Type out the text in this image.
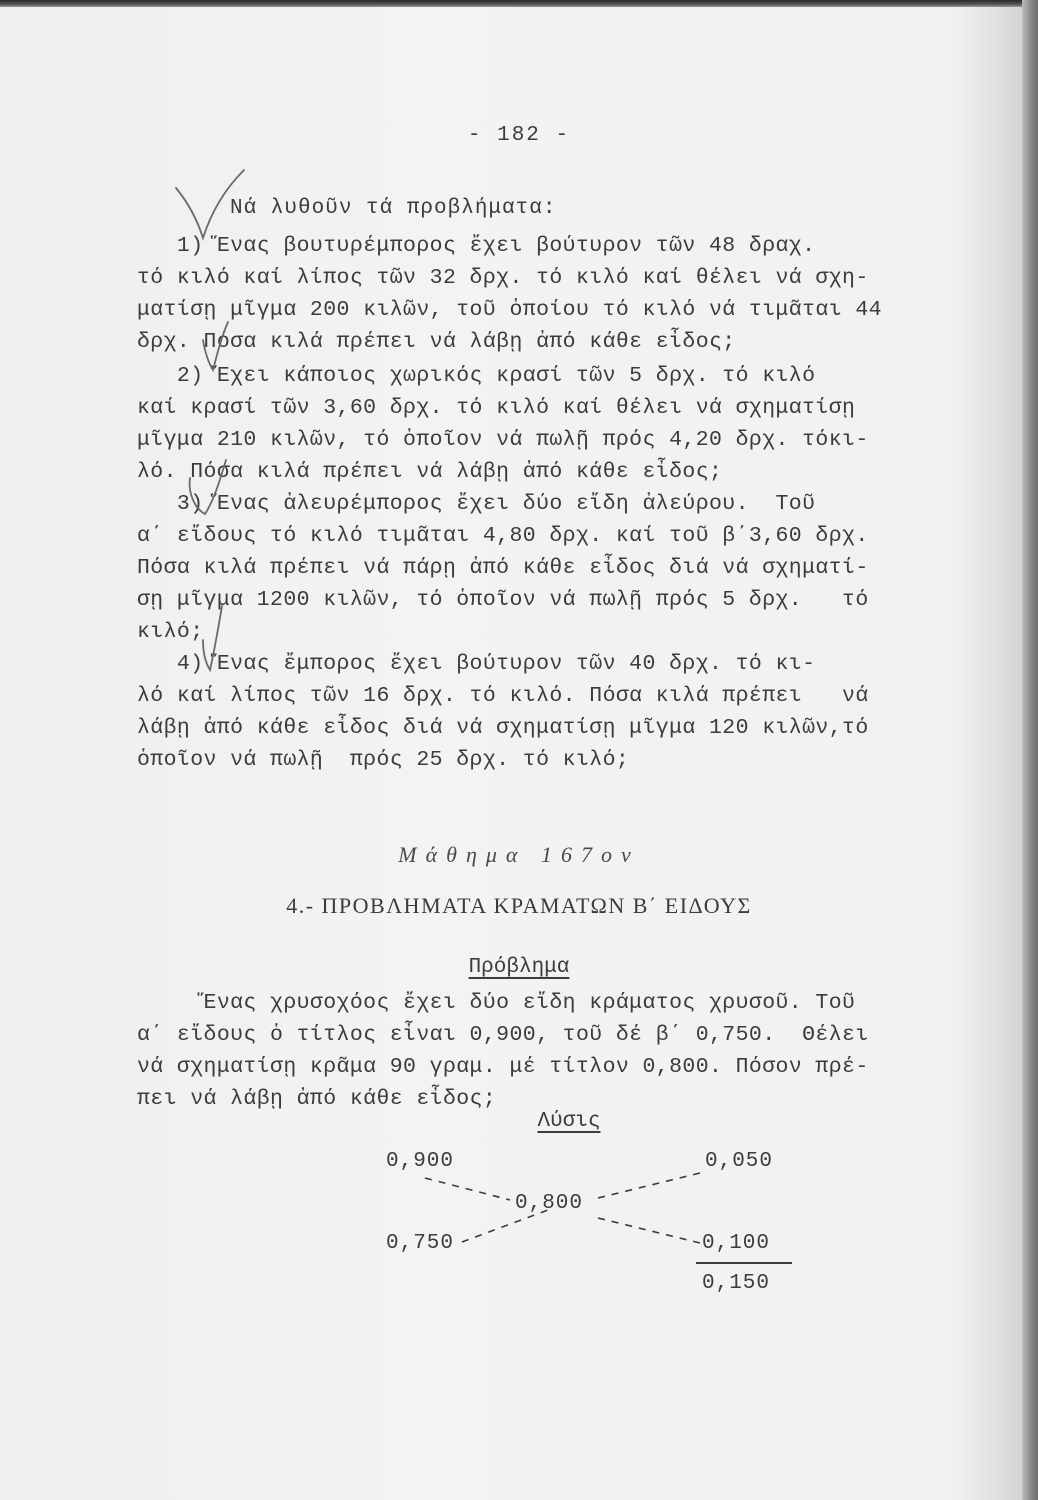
- 182 -
Νά λυθοῦν τά προβλήματα:
1) Ἕνας βουτυρέμπορος ἔχει βούτυρον τῶν 48 δραχ.
τό κιλό καί λίπος τῶν 32 δρχ. τό κιλό καί θέλει νά σχη-
ματίσῃ μῖγμα 200 κιλῶν, τοῦ ὁποίου τό κιλό νά τιμᾶται 44
δρχ. Πόσα κιλά πρέπει νά λάβῃ ἀπό κάθε εἶδος;
2) Ἔχει κάποιος χωρικός κρασί τῶν 5 δρχ. τό κιλό
καί κρασί τῶν 3,60 δρχ. τό κιλό καί θέλει νά σχηματίσῃ
μῖγμα 210 κιλῶν, τό ὁποῖον νά πωλῇ πρός 4,20 δρχ. τόκι-
λό. Πόσα κιλά πρέπει νά λάβῃ ἀπό κάθε εἶδος;
3) Ἕνας ἀλευρέμπορος ἔχει δύο εἴδη ἀλεύρου.  Τοῦ
α΄ εἴδους τό κιλό τιμᾶται 4,80 δρχ. καί τοῦ β΄3,60 δρχ.
Πόσα κιλά πρέπει νά πάρῃ ἀπό κάθε εἶδος διά νά σχηματί-
σῃ μῖγμα 1200 κιλῶν, τό ὁποῖον νά πωλῇ πρός 5 δρχ.   τό
κιλό;
4) Ἕνας ἔμπορος ἔχει βούτυρον τῶν 40 δρχ. τό κι-
λό καί λίπος τῶν 16 δρχ. τό κιλό. Πόσα κιλά πρέπει   νά
λάβῃ ἀπό κάθε εἶδος διά νά σχηματίσῃ μῖγμα 120 κιλῶν,τό
ὁποῖον νά πωλῇ  πρός 25 δρχ. τό κιλό;
Μάθημα 167ον
4.- ΠΡΟΒΛΗΜΑΤΑ ΚΡΑΜΑΤΩΝ Β΄ ΕΙΔΟΥΣ
Πρόβλημα
Ἕνας χρυσοχόος ἔχει δύο εἴδη κράματος χρυσοῦ. Τοῦ
α΄ εἴδους ὁ τίτλος εἶναι 0,900, τοῦ δέ β΄ 0,750.  Θέλει
νά σχηματίσῃ κρᾶμα 90 γραμ. μέ τίτλον 0,800. Πόσον πρέ-
πει νά λάβῃ ἀπό κάθε εἶδος;
Λύσις
0,900
0,750
0,800
0,050
0,100
0,150
